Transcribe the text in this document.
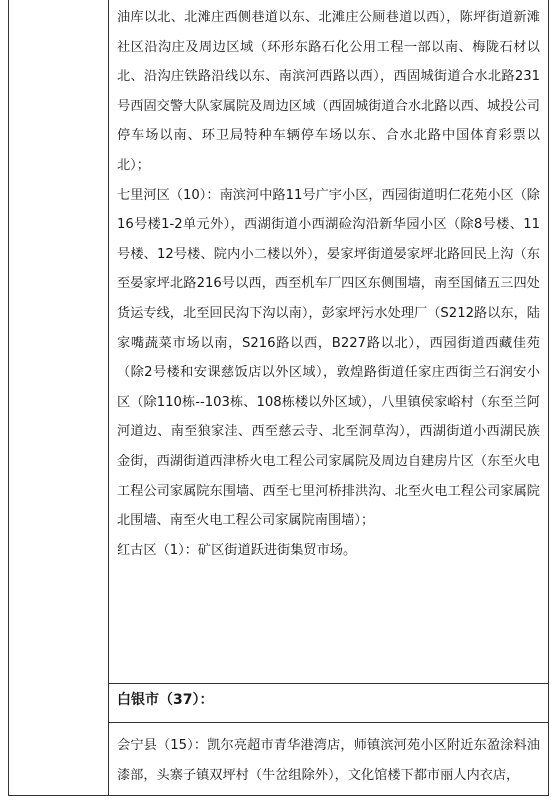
油库以北、北滩庄西侧巷道以东、北滩庄公厕巷道以西），陈坪街道新滩社区沿沟庄及周边区域（环形东路石化公用工程一部以南、梅陇石材以北、沿沟庄铁路沿线以东、南滨河西路以西），西固城街道合水北路231号西固交警大队家属院及周边区域（西固城街道合水北路以西、城投公司停车场以南、环卫局特种车辆停车场以东、合水北路中国体育彩票以北）；

七里河区（10）：南滨河中路11号广宇小区，西园街道明仁花苑小区（除16号楼1-2单元外），西湖街道小西湖硷沟沿新华园小区（除8号楼、11号楼、12号楼、院内小二楼以外），晏家坪街道晏家坪北路回民上沟（东至晏家坪北路216号以西，西至机车厂四区东侧围墙，南至国储五三四处货运专线，北至回民沟下沟以南），彭家坪污水处理厂（S212路以东，陆家嘴蔬菜市场以南，S216路以西，B227路以北），西园街道西藏佳苑（除2号楼和安课慈饭店以外区域），敦煌路街道任家庄西街兰石润安小区（除110栋--103栋、108栋楼以外区域），八里镇侯家峪村（东至兰阿河道边、南至狼家洼、西至慈云寺、北至洞草沟），西湖街道小西湖民族金街，西湖街道西津桥火电工程公司家属院及周边自建房片区（东至火电工程公司家属院东围墙、西至七里河桥排洪沟、北至火电工程公司家属院北围墙、南至火电工程公司家属院南围墙）；

红古区（1）：矿区街道跃进街集贸市场。

白银市（37）：

会宁县（15）：凯尔亮超市青华港湾店，师镇滨河苑小区附近东盈涂料油漆部，头寨子镇双坪村（牛岔组除外），文化馆楼下都市丽人内衣店，
